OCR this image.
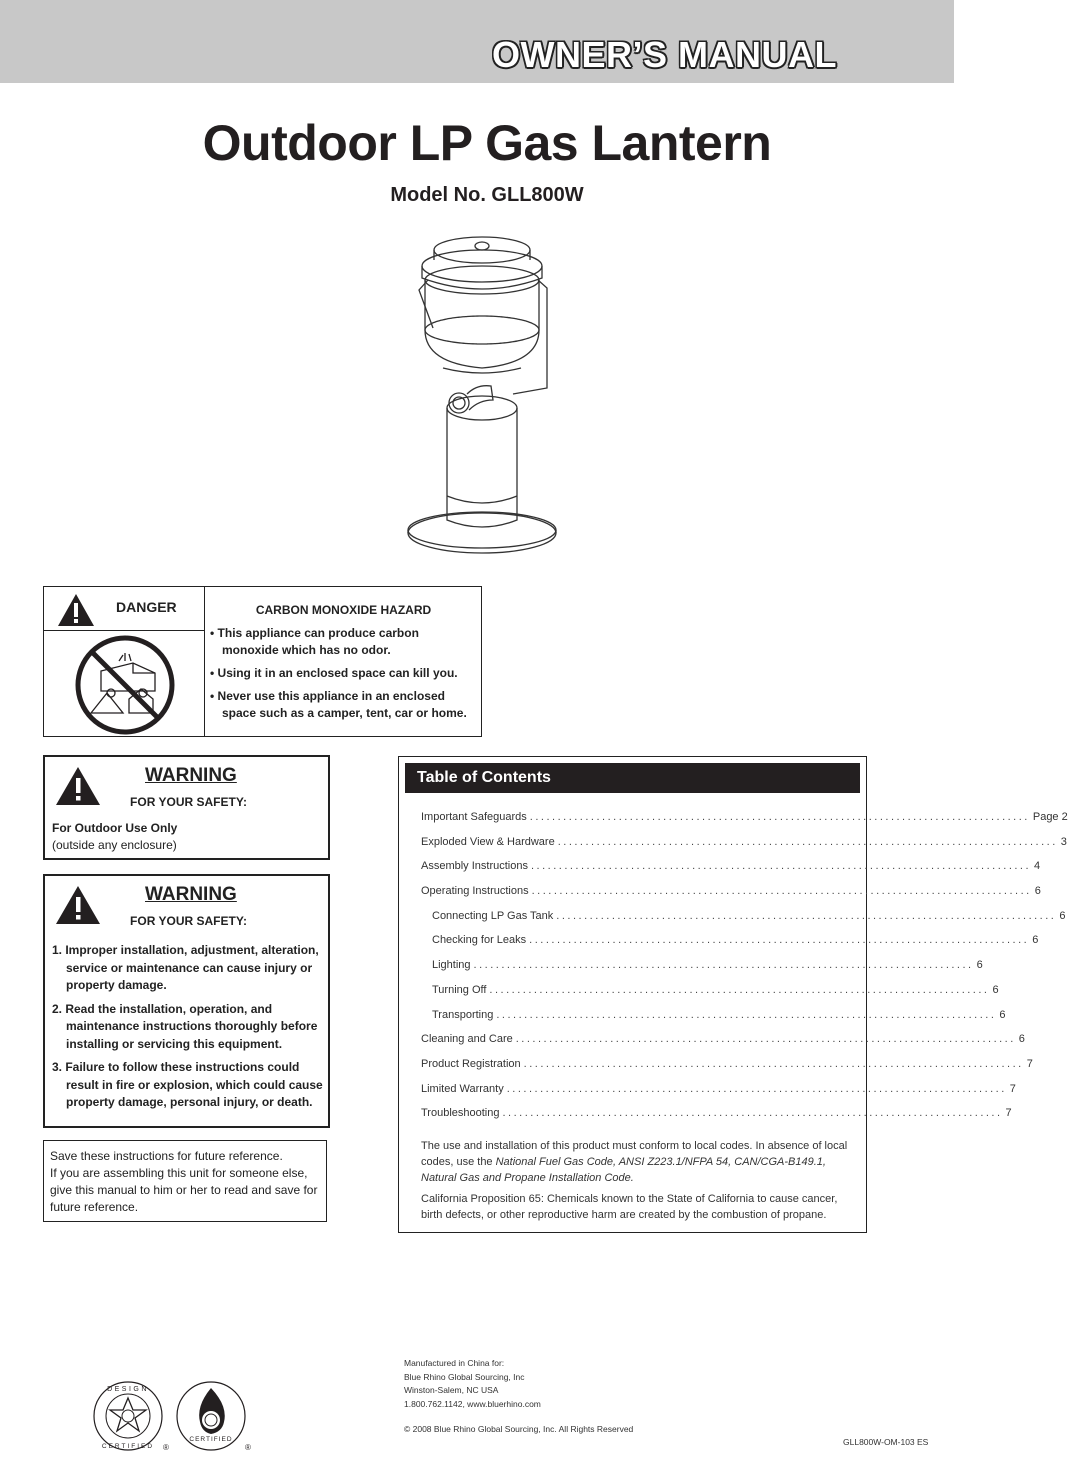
OWNER’S MANUAL
Outdoor LP Gas Lantern
Model No. GLL800W
DANGER	CARBON MONOXIDE HAZARD
• This appliance can produce carbon monoxide which has no odor.
• Using it in an enclosed space can kill you.
• Never use this appliance in an enclosed space such as a camper, tent, car or home.
WARNING
FOR YOUR SAFETY:
For Outdoor Use Only
(outside any enclosure)
WARNING
FOR YOUR SAFETY:
1. Improper installation, adjustment, alteration, service or maintenance can cause injury or property damage.
2. Read the installation, operation, and maintenance instructions thoroughly before installing or servicing this equipment.
3. Failure to follow these instructions could result in fire or explosion, which could cause property damage, personal injury, or death.
Save these instructions for future reference.
If you are assembling this unit for someone else, give this manual to him or her to read and save for future reference.
Table of Contents
Important Safeguards .......................................................................................... Page 2
Exploded View & Hardware .......................................................................................... 3
Assembly Instructions .......................................................................................... 4
Operating Instructions .......................................................................................... 6
Connecting LP Gas Tank .......................................................................................... 6
Checking for Leaks .......................................................................................... 6
Lighting .......................................................................................... 6
Turning Off .......................................................................................... 6
Transporting .......................................................................................... 6
Cleaning and Care .......................................................................................... 6
Product Registration .......................................................................................... 7
Limited Warranty .......................................................................................... 7
Troubleshooting .......................................................................................... 7
The use and installation of this product must conform to local codes. In absence of local codes, use the National Fuel Gas Code, ANSI Z223.1/NFPA 54, CAN/CGA-B149.1, Natural Gas and Propane Installation Code.
California Proposition 65: Chemicals known to the State of California to cause cancer, birth defects, or other reproductive harm are created by the combustion of propane.
Manufactured in China for:
Blue Rhino Global Sourcing, Inc
Winston-Salem, NC USA
1.800.762.1142, www.bluerhino.com
© 2008 Blue Rhino Global Sourcing, Inc. All Rights Reserved
GLL800W-OM-103 ES
DESIGN
CERTIFIED ®
CERTIFIED
®
